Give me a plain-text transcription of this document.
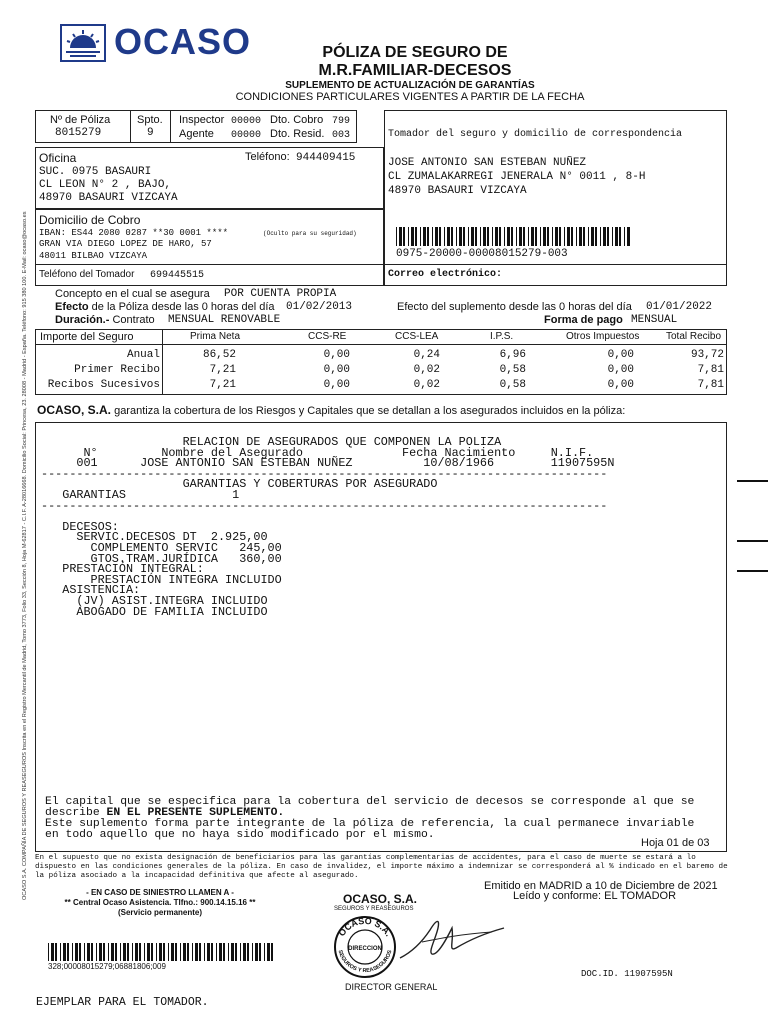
OCASO S.A. COMPAÑÍA DE SEGUROS Y REASEGUROS Inscrita en el Registro Mercantil de Madrid, Tomo 3773, Folio 33, Sección 8, Hoja M-62817 - C.I.F. A-28016668. Domicilio Social: Princesa, 23. 28008 - Madrid - España. Teléfono: 915 380 100. E-Mail: ocaso@ocaso.es
OCASO	PÓLIZA DE SEGURO DE
M.R.FAMILIAR-DECESOS
SUPLEMENTO DE ACTUALIZACIÓN DE GARANTÍAS
CONDICIONES PARTICULARES VIGENTES A PARTIR DE LA FECHA
Nº de Póliza
8015279
Spto.
9
Inspector 00000 Dto. Cobro 799
Agente 00000 Dto. Resid. 003	Tomador del seguro y domicilio de correspondencia
JOSE ANTONIO SAN ESTEBAN NUÑEZ
CL ZUMALAKARREGI JENERALA N° 0011 , 8-H
48970 BASAURI VIZCAYA
0975-20000-00008015279-003
Correo electrónico:
Oficina	Teléfono: 944409415
SUC. 0975 BASAURI
CL LEON N° 2 , BAJO,
48970 BASAURI VIZCAYA
Domicilio de Cobro
IBAN: ES44 2080 0287 **30 0001 ****	(Oculto para su seguridad)
GRAN VIA DIEGO LOPEZ DE HARO, 57
48011 BILBAO VIZCAYA
Teléfono del Tomador 699445515
Concepto en el cual se asegura POR CUENTA PROPIA
Efecto de la Póliza desde las 0 horas del día 01/02/2013
Duración.- Contrato MENSUAL RENOVABLE
Efecto del suplemento desde las 0 horas del día 01/01/2022
Forma de pago MENSUAL
Importe del Seguro	Prima Neta	CCS-RE	CCS-LEA	I.P.S.	Otros Impuestos	Total Recibo
Anual	86,52	0,00	0,24	6,96	0,00	93,72
Primer Recibo	7,21	0,00	0,02	0,58	0,00	7,81
Recibos Sucesivos	7,21	0,00	0,02	0,58	0,00	7,81
OCASO, S.A. garantiza la cobertura de los Riesgos y Capitales que se detallan a los asegurados incluidos en la póliza:
RELACION DE ASEGURADOS QUE COMPONEN LA POLIZA
N°         Nombre del Asegurado              Fecha Nacimiento     N.I.F.
001      JOSE ANTONIO SAN ESTEBAN NUÑEZ          10/08/1966        11907595N
--------------------------------------------------------------------------------
GARANTIAS Y COBERTURAS POR ASEGURADO
GARANTIAS               1
--------------------------------------------------------------------------------

DECESOS:
SERVIC.DECESOS DT  2.925,00
COMPLEMENTO SERVIC   245,00
GTOS.TRAM.JURÍDICA   360,00
PRESTACIÓN INTEGRAL:
PRESTACIÓN INTEGRA INCLUIDO
ASISTENCIA:
(JV) ASIST.INTEGRA INCLUIDO
ABOGADO DE FAMILIA INCLUIDO
El capital que se especifica para la cobertura del servicio de decesos se corresponde al que se
describe EN EL PRESENTE SUPLEMENTO.
Este suplemento forma parte integrante de la póliza de referencia, la cual permanece invariable
en todo aquello que no haya sido modificado por el mismo.
Hoja 01 de 03
En el supuesto que no exista designación de beneficiarios para las garantías complementarias de accidentes, para el caso de muerte se estará a lo dispuesto en las condiciones generales de la póliza. En caso de invalidez, el importe máximo a indemnizar se corresponderá al % indicado en el baremo de la póliza asociado a la incapacidad definitiva que afecte al asegurado.
- EN CASO DE SINIESTRO LLAMEN A -
** Central Ocaso Asistencia. Tlfno.: 900.14.15.16 **
(Servicio permanente)
OCASO, S.A.
SEGUROS Y REASEGUROS
Emitido en MADRID a 10 de Diciembre de 2021
Leído y conforme: EL TOMADOR
328;00008015279;06881806;009
OCASO S.A.
SEGUROS Y REASEGUROS
DIRECCION
DIRECTOR GENERAL
DOC.ID. 11907595N
EJEMPLAR PARA EL TOMADOR.
